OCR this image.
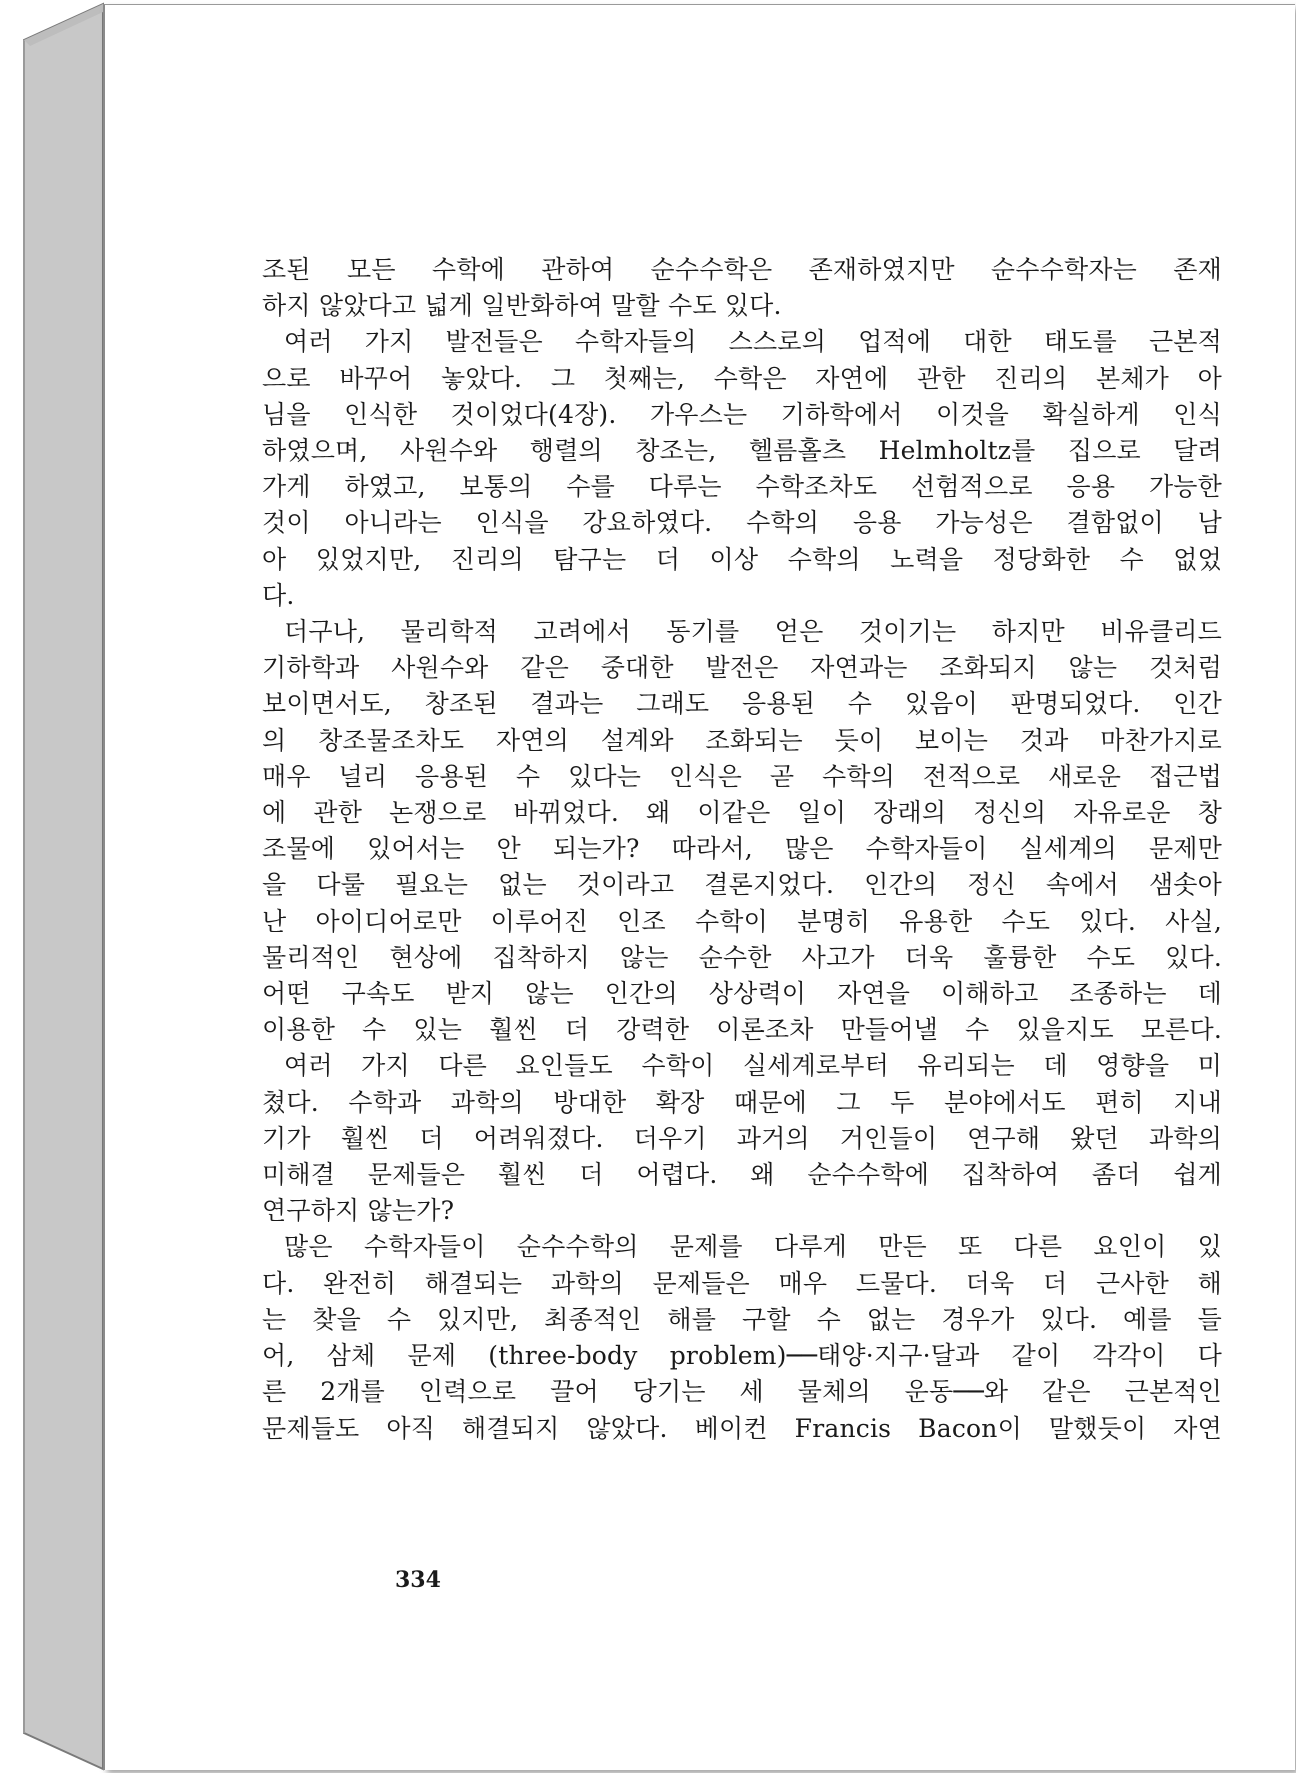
조된 모든 수학에 관하여 순수수학은 존재하였지만 순수수학자는 존재

하지 않았다고 넓게 일반화하여 말할 수도 있다.

여러 가지 발전들은 수학자들의 스스로의 업적에 대한 태도를 근본적

으로 바꾸어 놓았다. 그 첫째는, 수학은 자연에 관한 진리의 본체가 아

님을 인식한 것이었다(4장). 가우스는 기하학에서 이것을 확실하게 인식

하였으며, 사원수와 행렬의 창조는, 헬름홀츠 Helmholtz를 집으로 달려

가게 하였고, 보통의 수를 다루는 수학조차도 선험적으로 응용 가능한

것이 아니라는 인식을 강요하였다. 수학의 응용 가능성은 결함없이 남

아 있었지만, 진리의 탐구는 더 이상 수학의 노력을 정당화한 수 없었

다.

더구나, 물리학적 고려에서 동기를 얻은 것이기는 하지만 비유클리드

기하학과 사원수와 같은 중대한 발전은 자연과는 조화되지 않는 것처럼

보이면서도, 창조된 결과는 그래도 응용된 수 있음이 판명되었다. 인간

의 창조물조차도 자연의 설계와 조화되는 듯이 보이는 것과 마찬가지로

매우 널리 응용된 수 있다는 인식은 곧 수학의 전적으로 새로운 접근법

에 관한 논쟁으로 바뀌었다. 왜 이같은 일이 장래의 정신의 자유로운 창

조물에 있어서는 안 되는가? 따라서, 많은 수학자들이 실세계의 문제만

을 다룰 필요는 없는 것이라고 결론지었다. 인간의 정신 속에서 샘솟아

난 아이디어로만 이루어진 인조 수학이 분명히 유용한 수도 있다. 사실,

물리적인 현상에 집착하지 않는 순수한 사고가 더욱 훌륭한 수도 있다.

어떤 구속도 받지 않는 인간의 상상력이 자연을 이해하고 조종하는 데

이용한 수 있는 훨씬 더 강력한 이론조차 만들어낼 수 있을지도 모른다.

여러 가지 다른 요인들도 수학이 실세계로부터 유리되는 데 영향을 미

쳤다. 수학과 과학의 방대한 확장 때문에 그 두 분야에서도 편히 지내

기가 훨씬 더 어려워졌다. 더우기 과거의 거인들이 연구해 왔던 과학의

미해결 문제들은 훨씬 더 어렵다. 왜 순수수학에 집착하여 좀더 쉽게

연구하지 않는가?

많은 수학자들이 순수수학의 문제를 다루게 만든 또 다른 요인이 있

다. 완전히 해결되는 과학의 문제들은 매우 드물다. 더욱 더 근사한 해

는 찾을 수 있지만, 최종적인 해를 구할 수 없는 경우가 있다. 예를 들

어, 삼체 문제 (three-body problem)──태양·지구·달과 같이 각각이 다

른 2개를 인력으로 끌어 당기는 세 물체의 운동──와 같은 근본적인

문제들도 아직 해결되지 않았다. 베이컨 Francis Bacon이 말했듯이 자연

334
